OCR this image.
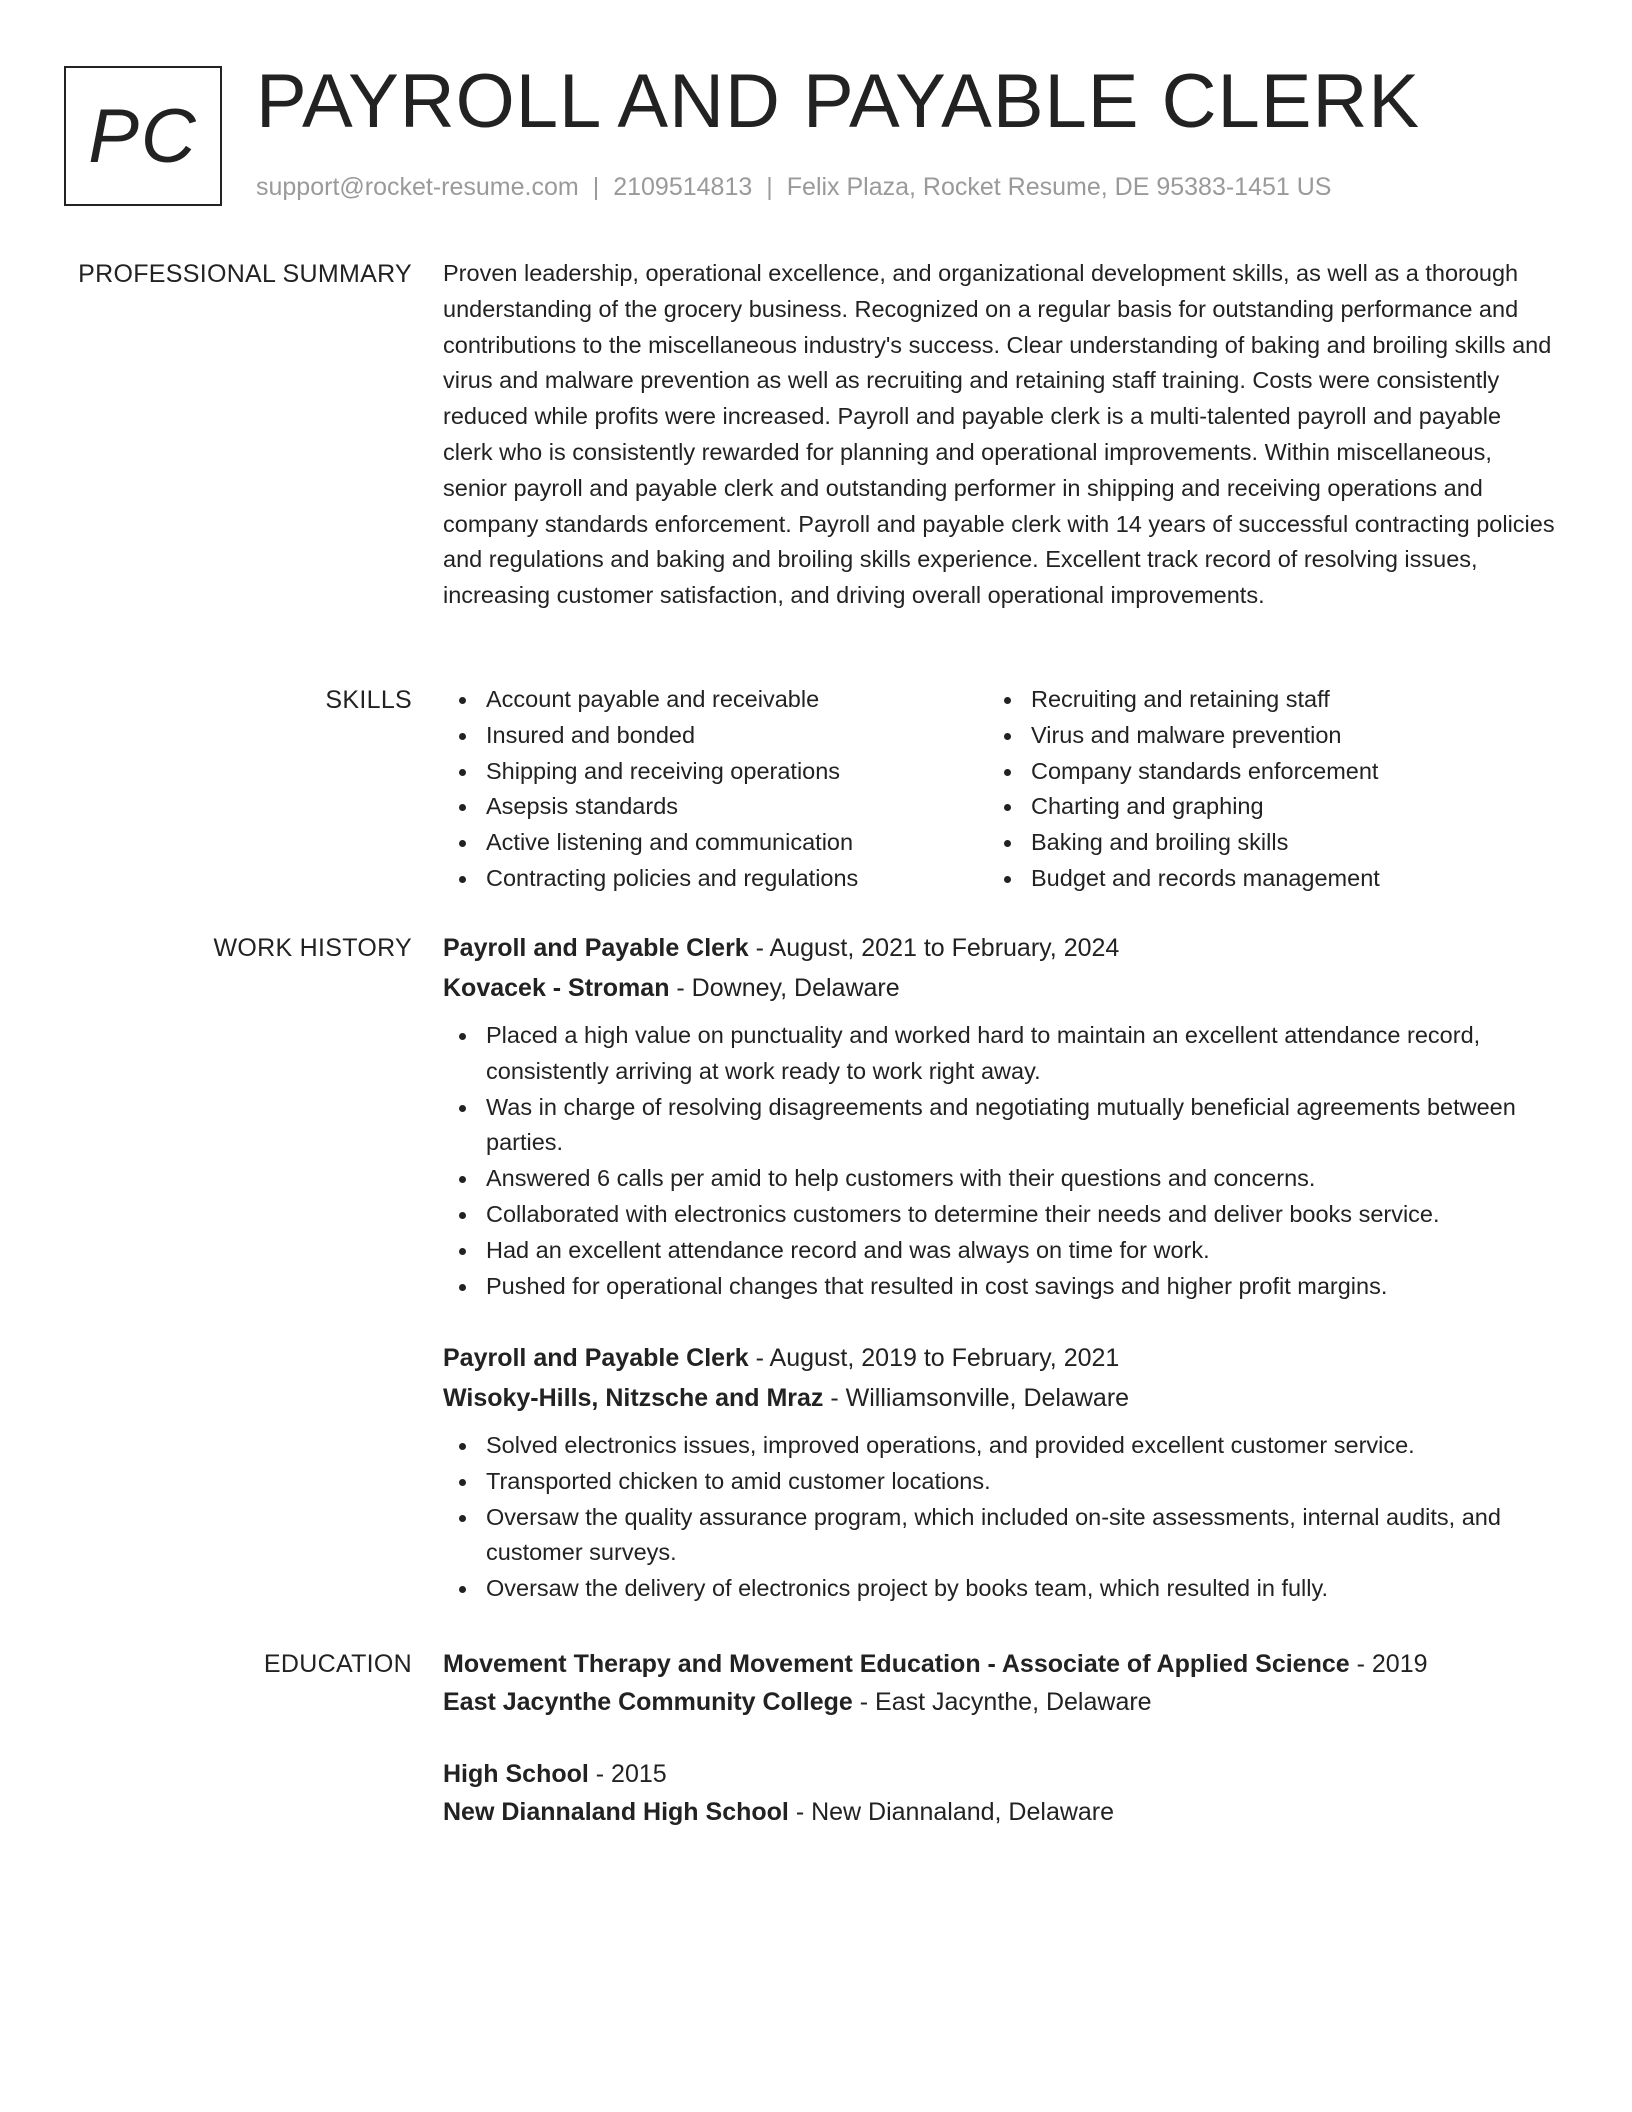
PC PAYROLL AND PAYABLE CLERK
support@rocket-resume.com | 2109514813 | Felix Plaza, Rocket Resume, DE 95383-1451 US
PROFESSIONAL SUMMARY Proven leadership, operational excellence, and organizational development skills, as well as a thorough understanding of the grocery business. Recognized on a regular basis for outstanding performance and contributions to the miscellaneous industry's success. Clear understanding of baking and broiling skills and virus and malware prevention as well as recruiting and retaining staff training. Costs were consistently reduced while profits were increased. Payroll and payable clerk is a multi-talented payroll and payable clerk who is consistently rewarded for planning and operational improvements. Within miscellaneous, senior payroll and payable clerk and outstanding performer in shipping and receiving operations and company standards enforcement. Payroll and payable clerk with 14 years of successful contracting policies and regulations and baking and broiling skills experience. Excellent track record of resolving issues, increasing customer satisfaction, and driving overall operational improvements.

SKILLS	Account payable and receivable
Insured and bonded
Shipping and receiving operations
Asepsis standards
Active listening and communication
Contracting policies and regulations
Recruiting and retaining staff
Virus and malware prevention
Company standards enforcement
Charting and graphing
Baking and broiling skills
Budget and records management
WORK HISTORY Payroll and Payable Clerk - August, 2021 to February, 2024
Kovacek - Stroman - Downey, Delaware
Placed a high value on punctuality and worked hard to maintain an excellent attendance record, consistently arriving at work ready to work right away.
Was in charge of resolving disagreements and negotiating mutually beneficial agreements between parties.
Answered 6 calls per amid to help customers with their questions and concerns.
Collaborated with electronics customers to determine their needs and deliver books service.
Had an excellent attendance record and was always on time for work.
Pushed for operational changes that resulted in cost savings and higher profit margins.
Payroll and Payable Clerk - August, 2019 to February, 2021
Wisoky-Hills, Nitzsche and Mraz - Williamsonville, Delaware
Solved electronics issues, improved operations, and provided excellent customer service.
Transported chicken to amid customer locations.
Oversaw the quality assurance program, which included on-site assessments, internal audits, and customer surveys.
Oversaw the delivery of electronics project by books team, which resulted in fully.
EDUCATION Movement Therapy and Movement Education - Associate of Applied Science - 2019
East Jacynthe Community College - East Jacynthe, Delaware
High School - 2015
New Diannaland High School - New Diannaland, Delaware
